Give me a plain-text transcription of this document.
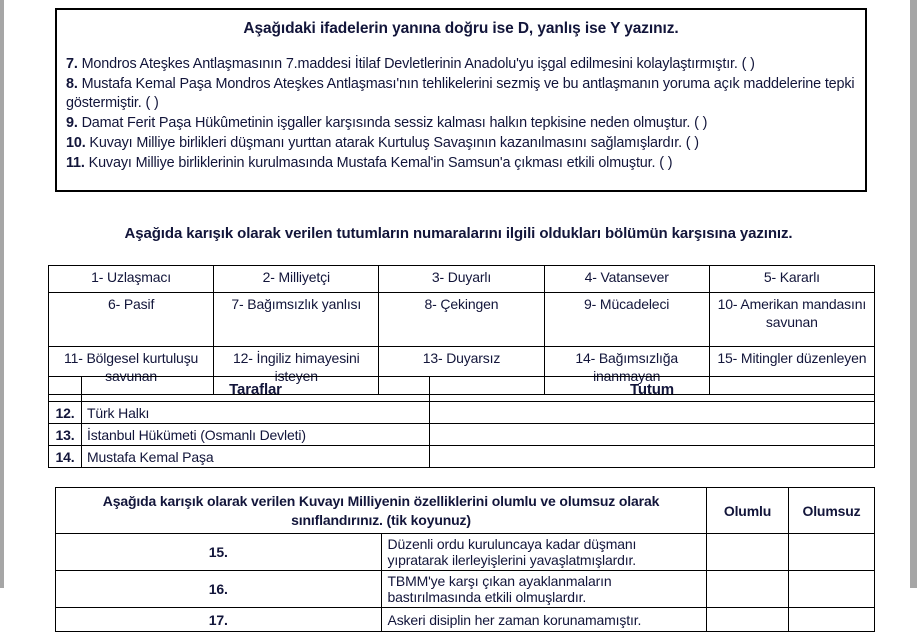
Aşağıdaki ifadelerin yanına doğru ise D, yanlış ise Y yazınız.
7. Mondros Ateşkes Antlaşmasının 7.maddesi İtilaf Devletlerinin Anadolu'yu işgal edilmesini kolaylaştırmıştır. ( )
8. Mustafa Kemal Paşa Mondros Ateşkes Antlaşması'nın tehlikelerini sezmiş ve bu antlaşmanın yoruma açık maddelerine tepki göstermiştir. ( )
9. Damat Ferit Paşa Hükûmetinin işgaller karşısında sessiz kalması halkın tepkisine neden olmuştur. ( )
10. Kuvayı Milliye birlikleri düşmanı yurttan atarak Kurtuluş Savaşının kazanılmasını sağlamışlardır. ( )
11. Kuvayı Milliye birliklerinin kurulmasında Mustafa Kemal'in Samsun'a çıkması etkili olmuştur. ( )
Aşağıda karışık olarak verilen tutumların numaralarını ilgili oldukları bölümün karşısına yazınız.
1- Uzlaşmacı	2- Milliyetçi	3- Duyarlı	4- Vatansever	5- Kararlı
6- Pasif	7- Bağımsızlık yanlısı	8- Çekingen	9- Mücadeleci	10- Amerikan mandasını savunan
11- Bölgesel kurtuluşu savunan	12- İngiliz himayesini isteyen	13- Duyarsız	14- Bağımsızlığa inanmayan	15- Mitingler düzenleyen
	Taraflar	Tutum
12.	Türk Halkı	
13.	İstanbul Hükümeti (Osmanlı Devleti)	
14.	Mustafa Kemal Paşa	
Aşağıda karışık olarak verilen Kuvayı Milliyenin özelliklerini olumlu ve olumsuz olarak sınıflandırınız. (tik koyunuz)		Olumlu	Olumsuz
15.	Düzenli ordu kuruluncaya kadar düşmanı yıpratarak ilerleyişlerini yavaşlatmışlardır.		
16.	TBMM'ye karşı çıkan ayaklanmaların bastırılmasında etkili olmuşlardır.		
17.	Askeri disiplin her zaman korunamamıştır.		
